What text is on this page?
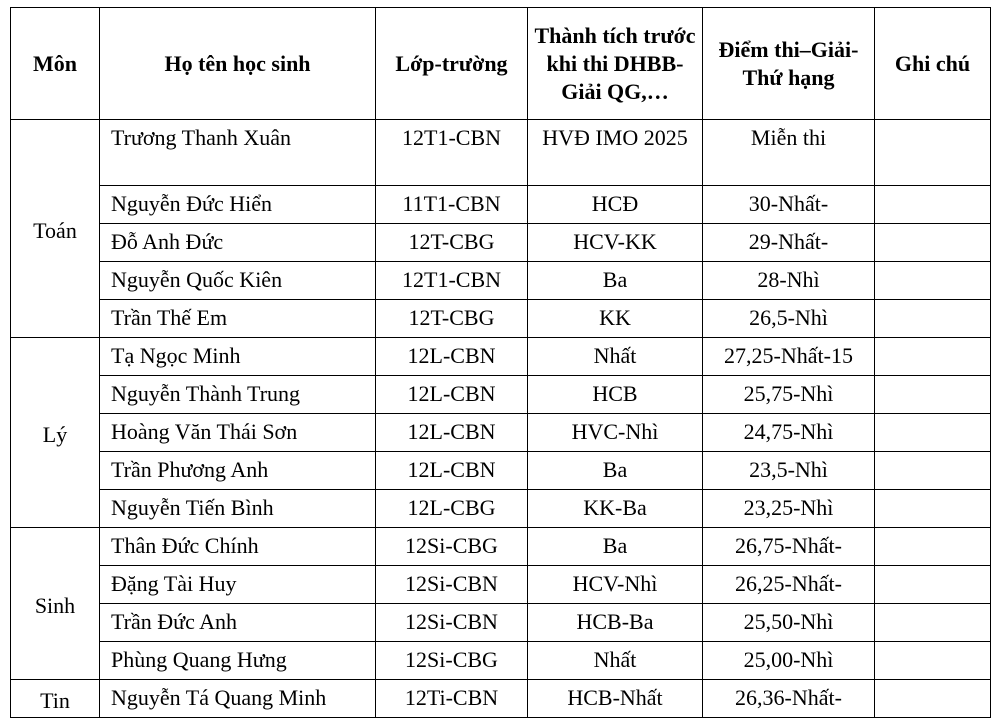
Môn	Họ tên học sinh	Lớp-trường	Thành tích trước khi thi DHBB-Giải QG,…	Điểm thi–Giải-Thứ hạng	Ghi chú
Toán	Trương Thanh Xuân	12T1-CBN	HVĐ IMO 2025	Miễn thi	
	Nguyễn Đức Hiển	11T1-CBN	HCĐ	30-Nhất-	
	Đỗ Anh Đức	12T-CBG	HCV-KK	29-Nhất-	
	Nguyễn Quốc Kiên	12T1-CBN	Ba	28-Nhì	
	Trần Thế Em	12T-CBG	KK	26,5-Nhì	
Lý	Tạ Ngọc Minh	12L-CBN	Nhất	27,25-Nhất-15	
	Nguyễn Thành Trung	12L-CBN	HCB	25,75-Nhì	
	Hoàng Văn Thái Sơn	12L-CBN	HVC-Nhì	24,75-Nhì	
	Trần Phương Anh	12L-CBN	Ba	23,5-Nhì	
	Nguyễn Tiến Bình	12L-CBG	KK-Ba	23,25-Nhì	
Sinh	Thân Đức Chính	12Si-CBG	Ba	26,75-Nhất-	
	Đặng Tài Huy	12Si-CBN	HCV-Nhì	26,25-Nhất-	
	Trần Đức Anh	12Si-CBN	HCB-Ba	25,50-Nhì	
	Phùng Quang Hưng	12Si-CBG	Nhất	25,00-Nhì	
Tin	Nguyễn Tá Quang Minh	12Ti-CBN	HCB-Nhất	26,36-Nhất-	
